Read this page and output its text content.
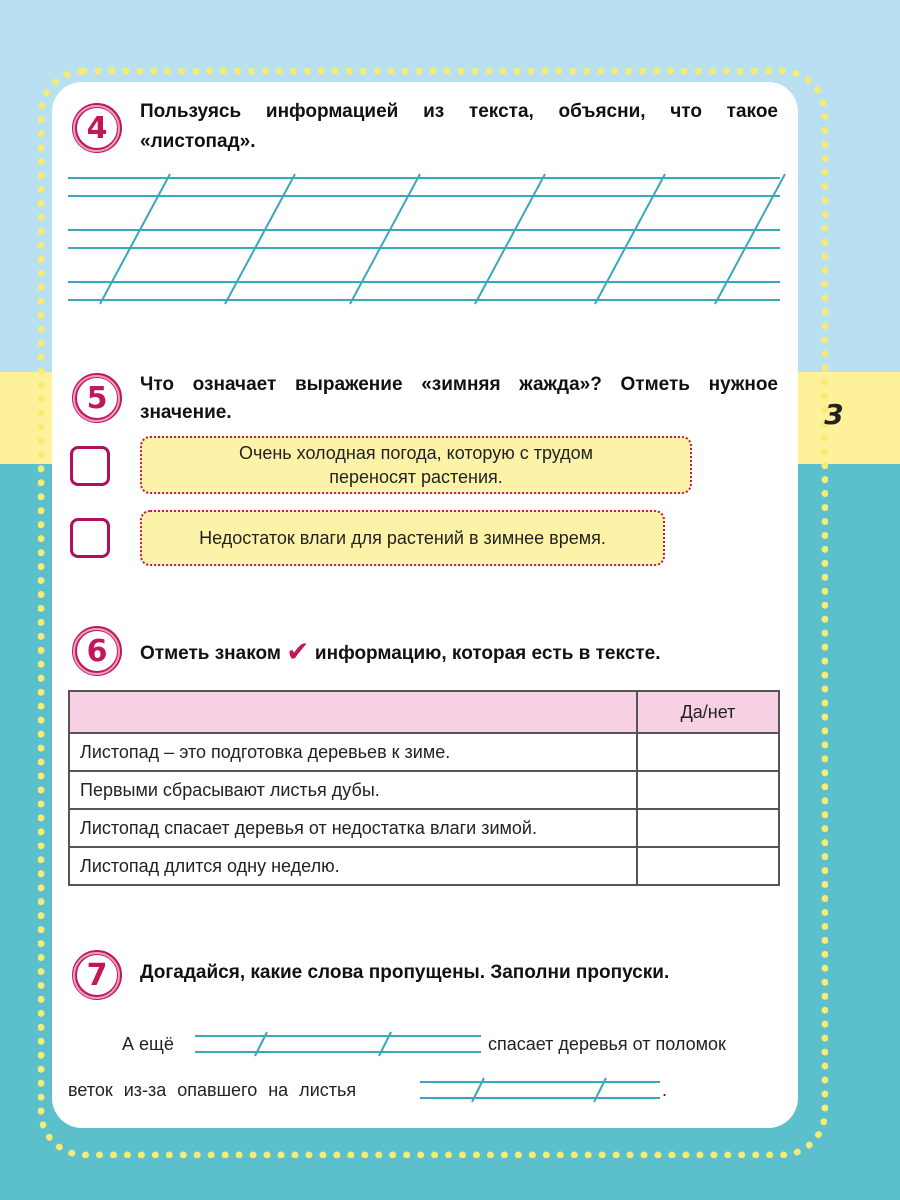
3
4	Пользуясь информацией из текста, объясни, что такое
«листопад».
5	Что означает выражение «зимняя жажда»? Отметь нужное
значение.
Очень холодная погода, которую с трудом
переносят растения.
Недостаток влаги для растений в зимнее время.
6	Отметь знаком ✔ информацию, которая есть в тексте.
	Да/нет
Листопад – это подготовка деревьев к зиме.	
Первыми сбрасывают листья дубы.	
Листопад спасает деревья от недостатка влаги зимой.	
Листопад длится одну неделю.	
7	Догадайся, какие слова пропущены. Заполни пропуски.
А ещё	спасает деревья от поломок
веток из-за опавшего на листья	.
